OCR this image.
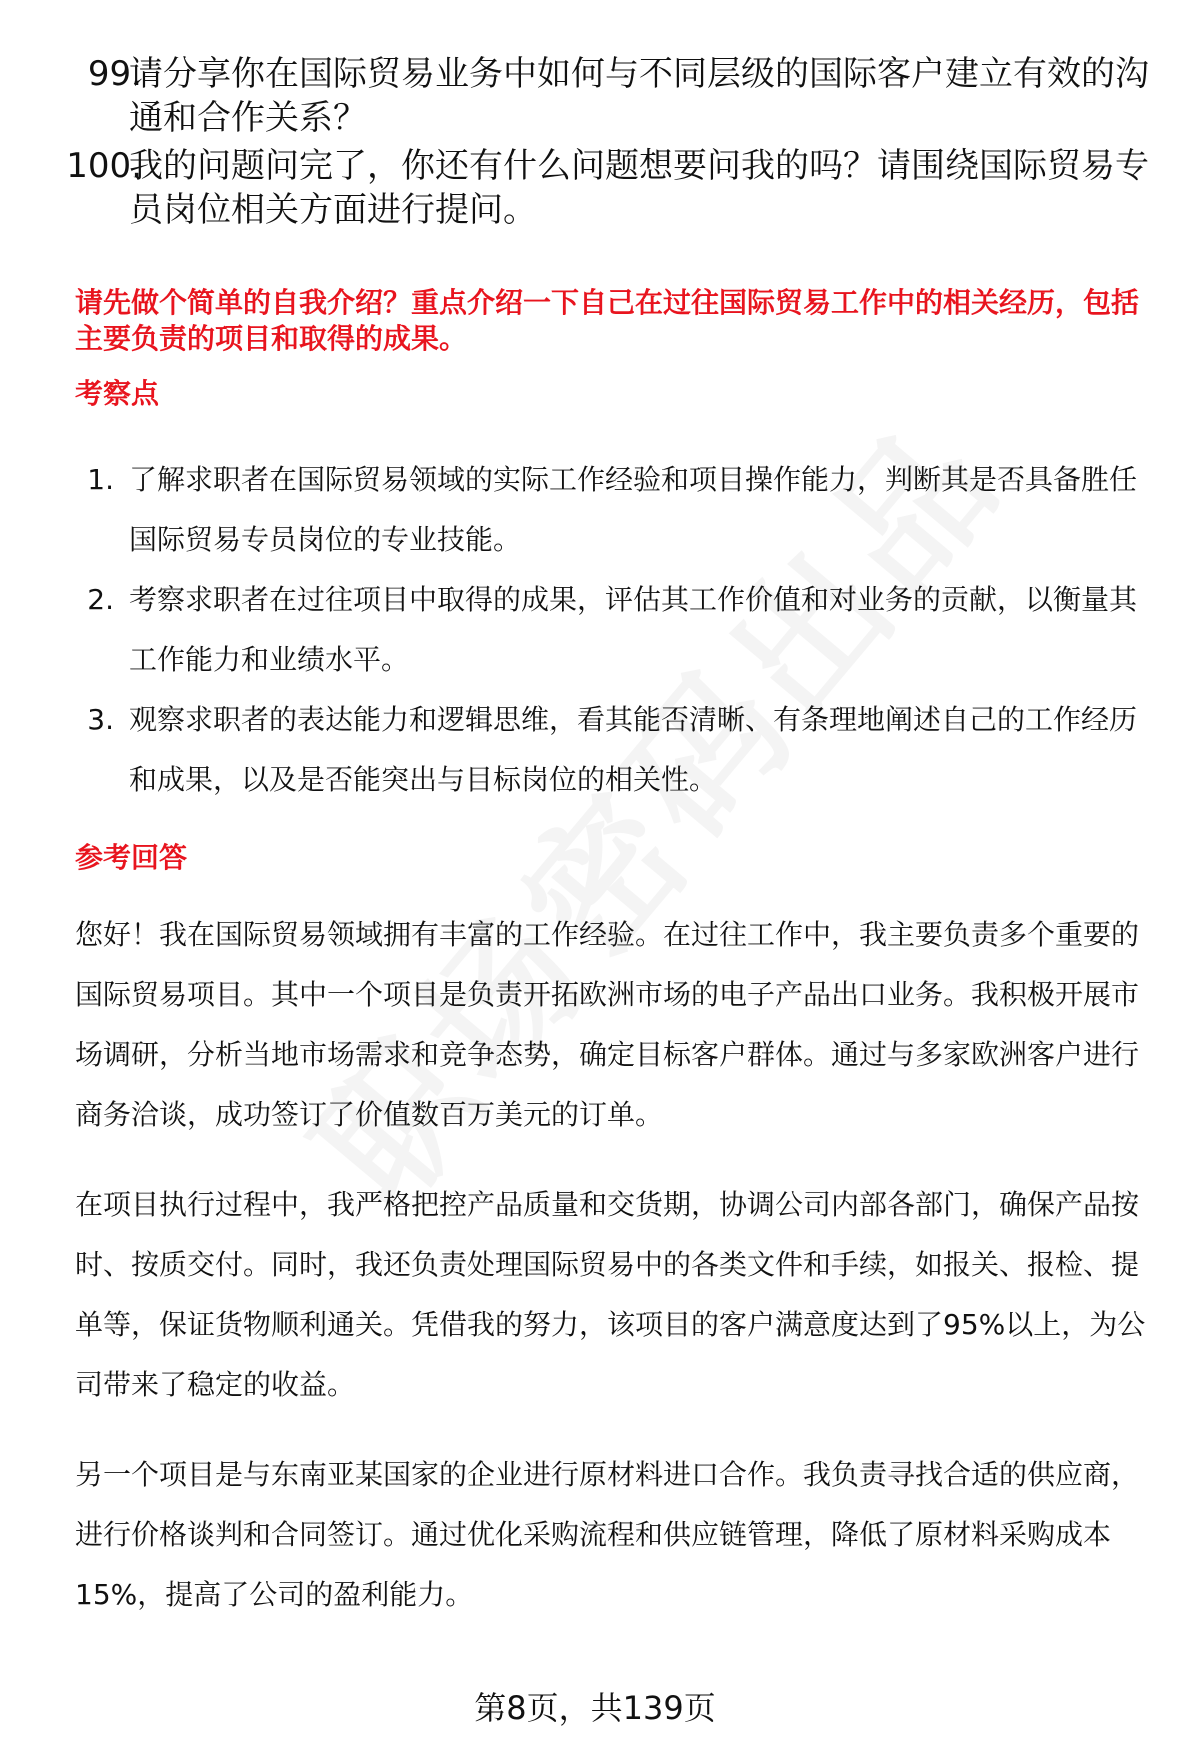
99.
请分享你在国际贸易业务中如何与不同层级的国际客户建立有效的沟通和合作关系？
100.
我的问题问完了，你还有什么问题想要问我的吗？请围绕国际贸易专员岗位相关方面进行提问。
请先做个简单的自我介绍？重点介绍一下自己在过往国际贸易工作中的相关经历，包括主要负责的项目和取得的成果。
考察点
1. 了解求职者在国际贸易领域的实际工作经验和项目操作能力，判断其是否具备胜任国际贸易专员岗位的专业技能。
2. 考察求职者在过往项目中取得的成果，评估其工作价值和对业务的贡献，以衡量其工作能力和业绩水平。
3. 观察求职者的表达能力和逻辑思维，看其能否清晰、有条理地阐述自己的工作经历和成果，以及是否能突出与目标岗位的相关性。
参考回答
您好！我在国际贸易领域拥有丰富的工作经验。在过往工作中，我主要负责多个重要的国际贸易项目。其中一个项目是负责开拓欧洲市场的电子产品出口业务。我积极开展市场调研，分析当地市场需求和竞争态势，确定目标客户群体。通过与多家欧洲客户进行商务洽谈，成功签订了价值数百万美元的订单。
在项目执行过程中，我严格把控产品质量和交货期，协调公司内部各部门，确保产品按时、按质交付。同时，我还负责处理国际贸易中的各类文件和手续，如报关、报检、提单等，保证货物顺利通关。凭借我的努力，该项目的客户满意度达到了95%以上，为公司带来了稳定的收益。
另一个项目是与东南亚某国家的企业进行原材料进口合作。我负责寻找合适的供应商，进行价格谈判和合同签订。通过优化采购流程和供应链管理，降低了原材料采购成本 15%，提高了公司的盈利能力。
第8页，共139页
